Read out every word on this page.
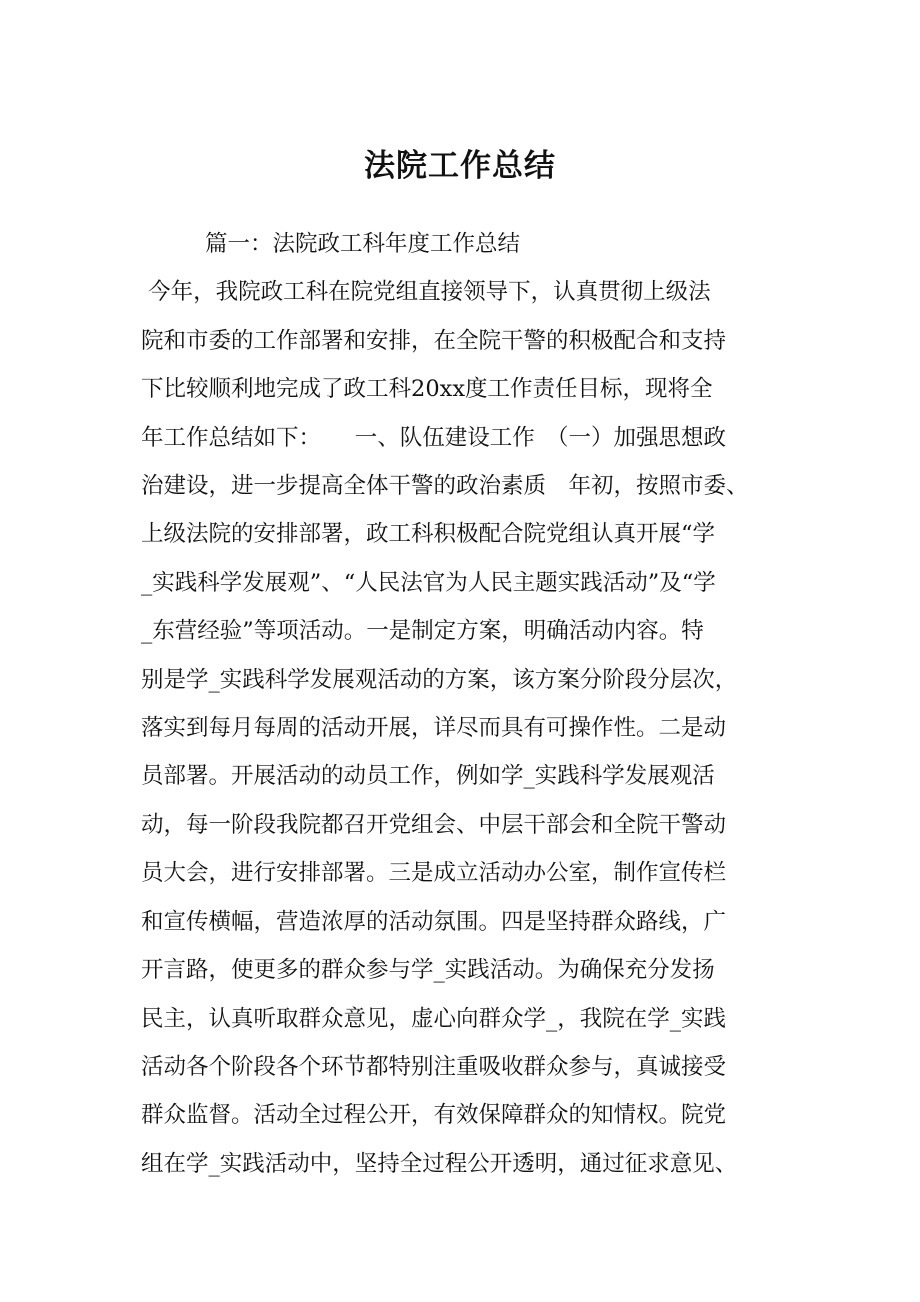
法院工作总结
篇一：法院政工科年度工作总结
今年，我院政工科在院党组直接领导下，认真贯彻上级法
院和市委的工作部署和安排，在全院干警的积极配合和支持
下比较顺利地完成了政工科20xx度工作责任目标，现将全
年工作总结如下：　　一、队伍建设工作　（一）加强思想政
治建设，进一步提高全体干警的政治素质　年初，按照市委、
上级法院的安排部署，政工科积极配合院党组认真开展“学
_实践科学发展观”、“人民法官为人民主题实践活动”及“学
_东营经验”等项活动。一是制定方案，明确活动内容。特
别是学_实践科学发展观活动的方案，该方案分阶段分层次，
落实到每月每周的活动开展，详尽而具有可操作性。二是动
员部署。开展活动的动员工作，例如学_实践科学发展观活
动，每一阶段我院都召开党组会、中层干部会和全院干警动
员大会，进行安排部署。三是成立活动办公室，制作宣传栏
和宣传横幅，营造浓厚的活动氛围。四是坚持群众路线，广
开言路，使更多的群众参与学_实践活动。为确保充分发扬
民主，认真听取群众意见，虚心向群众学_，我院在学_实践
活动各个阶段各个环节都特别注重吸收群众参与，真诚接受
群众监督。活动全过程公开，有效保障群众的知情权。院党
组在学_实践活动中，坚持全过程公开透明，通过征求意见、
